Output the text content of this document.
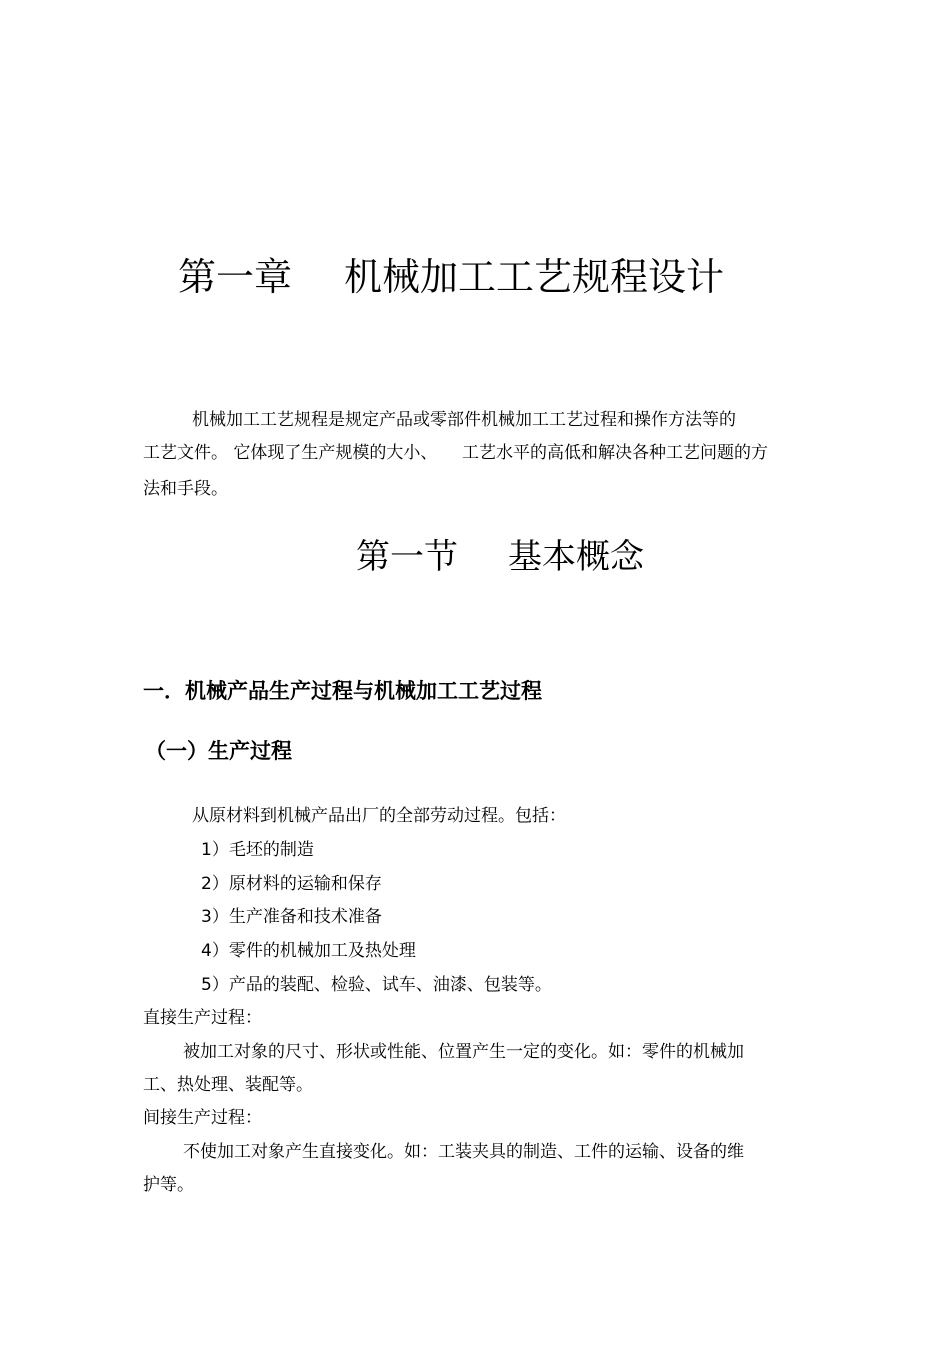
第一章 机械加工工艺规程设计

机械加工工艺规程是规定产品或零部件机械加工工艺过程和操作方法等的

工艺文件。 它体现了生产规模的大小、 工艺水平的高低和解决各种工艺问题的方

法和手段。

第一节 基本概念
一．机械产品生产过程与机械加工工艺过程
（一）生产过程

从原材料到机械产品出厂的全部劳动过程。包括：

1）毛坯的制造

2）原材料的运输和保存

3）生产准备和技术准备

4）零件的机械加工及热处理

5）产品的装配、检验、试车、油漆、包装等。

直接生产过程：

被加工对象的尺寸、形状或性能、位置产生一定的变化。如：零件的机械加

工、热处理、装配等。

间接生产过程：

不使加工对象产生直接变化。如：工装夹具的制造、工件的运输、设备的维

护等。
